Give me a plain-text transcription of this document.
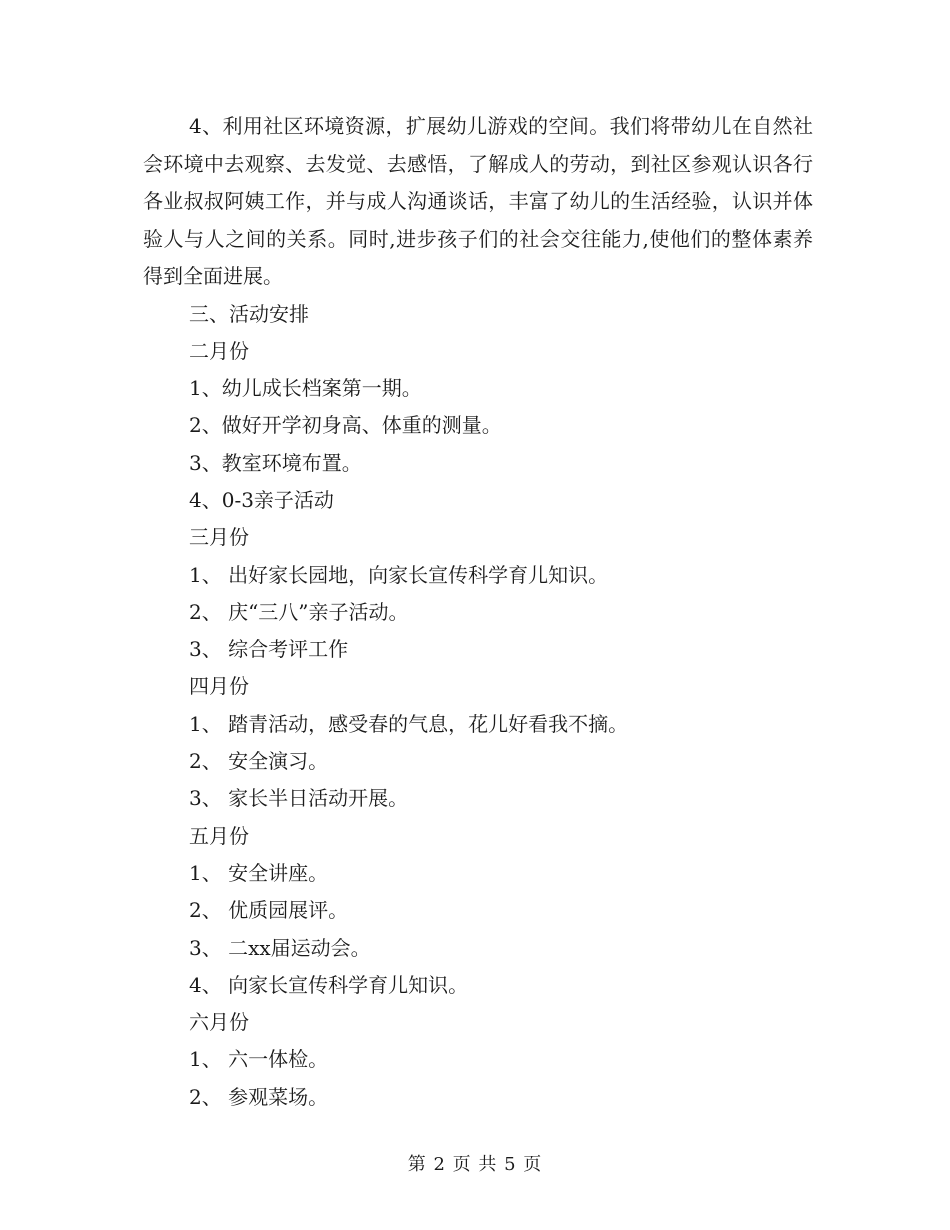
4、利用社区环境资源，扩展幼儿游戏的空间。我们将带幼儿在自然社会环境中去观察、去发觉、去感悟，了解成人的劳动，到社区参观认识各行各业叔叔阿姨工作，并与成人沟通谈话，丰富了幼儿的生活经验，认识并体验人与人之间的关系。同时,进步孩子们的社会交往能力,使他们的整体素养得到全面进展。

三、活动安排

二月份

1、幼儿成长档案第一期。

2、做好开学初身高、体重的测量。

3、教室环境布置。

4、0-3亲子活动

三月份

1、 出好家长园地，向家长宣传科学育儿知识。

2、 庆“三八”亲子活动。

3、 综合考评工作

四月份

1、 踏青活动，感受春的气息，花儿好看我不摘。

2、 安全演习。

3、 家长半日活动开展。

五月份

1、 安全讲座。

2、 优质园展评。

3、 二xx届运动会。

4、 向家长宣传科学育儿知识。

六月份

1、 六一体检。

2、 参观菜场。

第 2 页 共 5 页
